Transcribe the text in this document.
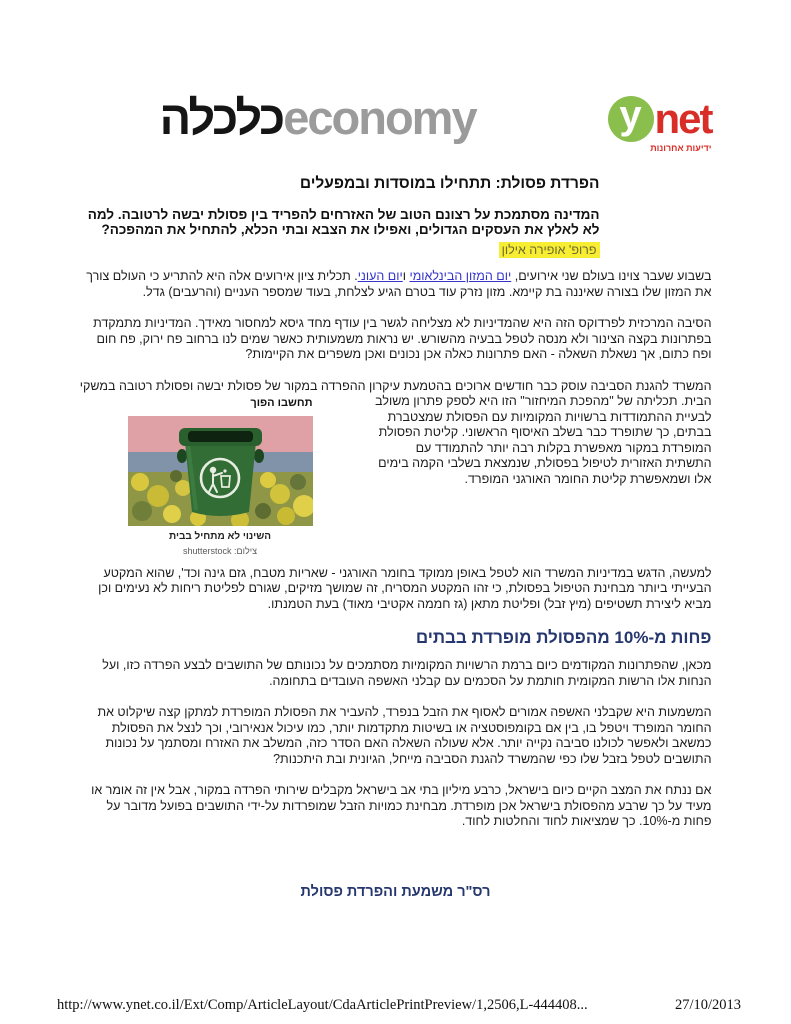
כלכלה economy	y net
ידיעות אחרונות
הפרדת פסולת: תתחילו במוסדות ובמפעלים

המדינה מסתמכת על רצונם הטוב של האזרחים להפריד בין פסולת יבשה לרטובה. למה לא לאלץ את העסקים הגדולים, ואפילו את הצבא ובתי הכלא, להתחיל את המהפכה?

פרופ' אופירה אילון

בשבוע שעבר צוינו בעולם שני אירועים, יום המזון הבינלאומי ויום העוני. תכלית ציון אירועים אלה היא להתריע כי העולם צורך את המזון שלו בצורה שאיננה בת קיימא. מזון נזרק עוד בטרם הגיע לצלחת, בעוד שמספר העניים (והרעבים) גדל.

הסיבה המרכזית לפרדוקס הזה היא שהמדיניות לא מצליחה לגשר בין עודף מחד גיסא למחסור מאידך. המדיניות מתמקדת בפתרונות בקצה הצינור ולא מנסה לטפל בבעיה מהשורש. יש נראות משמעותית כאשר שמים לנו ברחוב פח ירוק, פח חום ופח כתום, אך נשאלת השאלה - האם פתרונות כאלה אכן נכונים ואכן משפרים את הקיימות?

המשרד להגנת הסביבה עוסק כבר חודשים ארוכים בהטמעת עיקרון ההפרדה במקור של פסולת יבשה ופסולת רטובה במשקי הבית.
תחשבו הפוך
השינוי לא מתחיל בבית
צילום: shutterstock
תכליתה של "מהפכת המיחזור" הזו היא לספק פתרון משולב לבעיית ההתמודדות ברשויות המקומיות עם הפסולת שמצטברת בבתים, כך שתופרד כבר בשלב האיסוף הראשוני. קליטת הפסולת המופרדת במקור מאפשרת בקלות רבה יותר להתמודד עם התשתית האזורית לטיפול בפסולת, שנמצאת בשלבי הקמה בימים אלו ושמאפשרת קליטת החומר האורגני המופרד.

למעשה, הדגש במדיניות המשרד הוא לטפל באופן ממוקד בחומר האורגני - שאריות מטבח, גזם גינה וכד', שהוא המקטע הבעייתי ביותר מבחינת הטיפול בפסולת, כי זהו המקטע המסריח, זה שמושך מזיקים, שגורם לפליטת ריחות לא נעימים וכן מביא ליצירת תשטיפים (מיץ זבל) ופליטת מתאן (גז חממה אקטיבי מאוד) בעת הטמנתו.

פחות מ-10% מהפסולת מופרדת בבתים

מכאן, שהפתרונות המקודמים כיום ברמת הרשויות המקומיות מסתמכים על נכונותם של התושבים לבצע הפרדה כזו, ועל הנחות אלו הרשות המקומית חותמת על הסכמים עם קבלני האשפה העובדים בתחומה.

המשמעות היא שקבלני האשפה אמורים לאסוף את הזבל בנפרד, להעביר את הפסולת המופרדת למתקן קצה שיקלוט את החומר המופרד ויטפל בו, בין אם בקומפוסטציה או בשיטות מתקדמות יותר, כמו עיכול אנאירובי, וכך לנצל את הפסולת כמשאב ולאפשר לכולנו סביבה נקייה יותר. אלא שעולה השאלה האם הסדר כזה, המשלב את האזרח ומסתמך על נכונות התושבים לטפל בזבל שלו כפי שהמשרד להגנת הסביבה מייחל, הגיונית ובת היתכנות?

אם ננתח את המצב הקיים כיום בישראל, כרבע מיליון בתי אב בישראל מקבלים שירותי הפרדה במקור, אבל אין זה אומר או מעיד על כך שרבע מהפסולת בישראל אכן מופרדת. מבחינת כמויות הזבל שמופרדות על-ידי התושבים בפועל מדובר על פחות מ-10%. כך שמציאות לחוד והחלטות לחוד.

רס"ר משמעת והפרדת פסולת
http://www.ynet.co.il/Ext/Comp/ArticleLayout/CdaArticlePrintPreview/1,2506,L-444408...	27/10/2013
